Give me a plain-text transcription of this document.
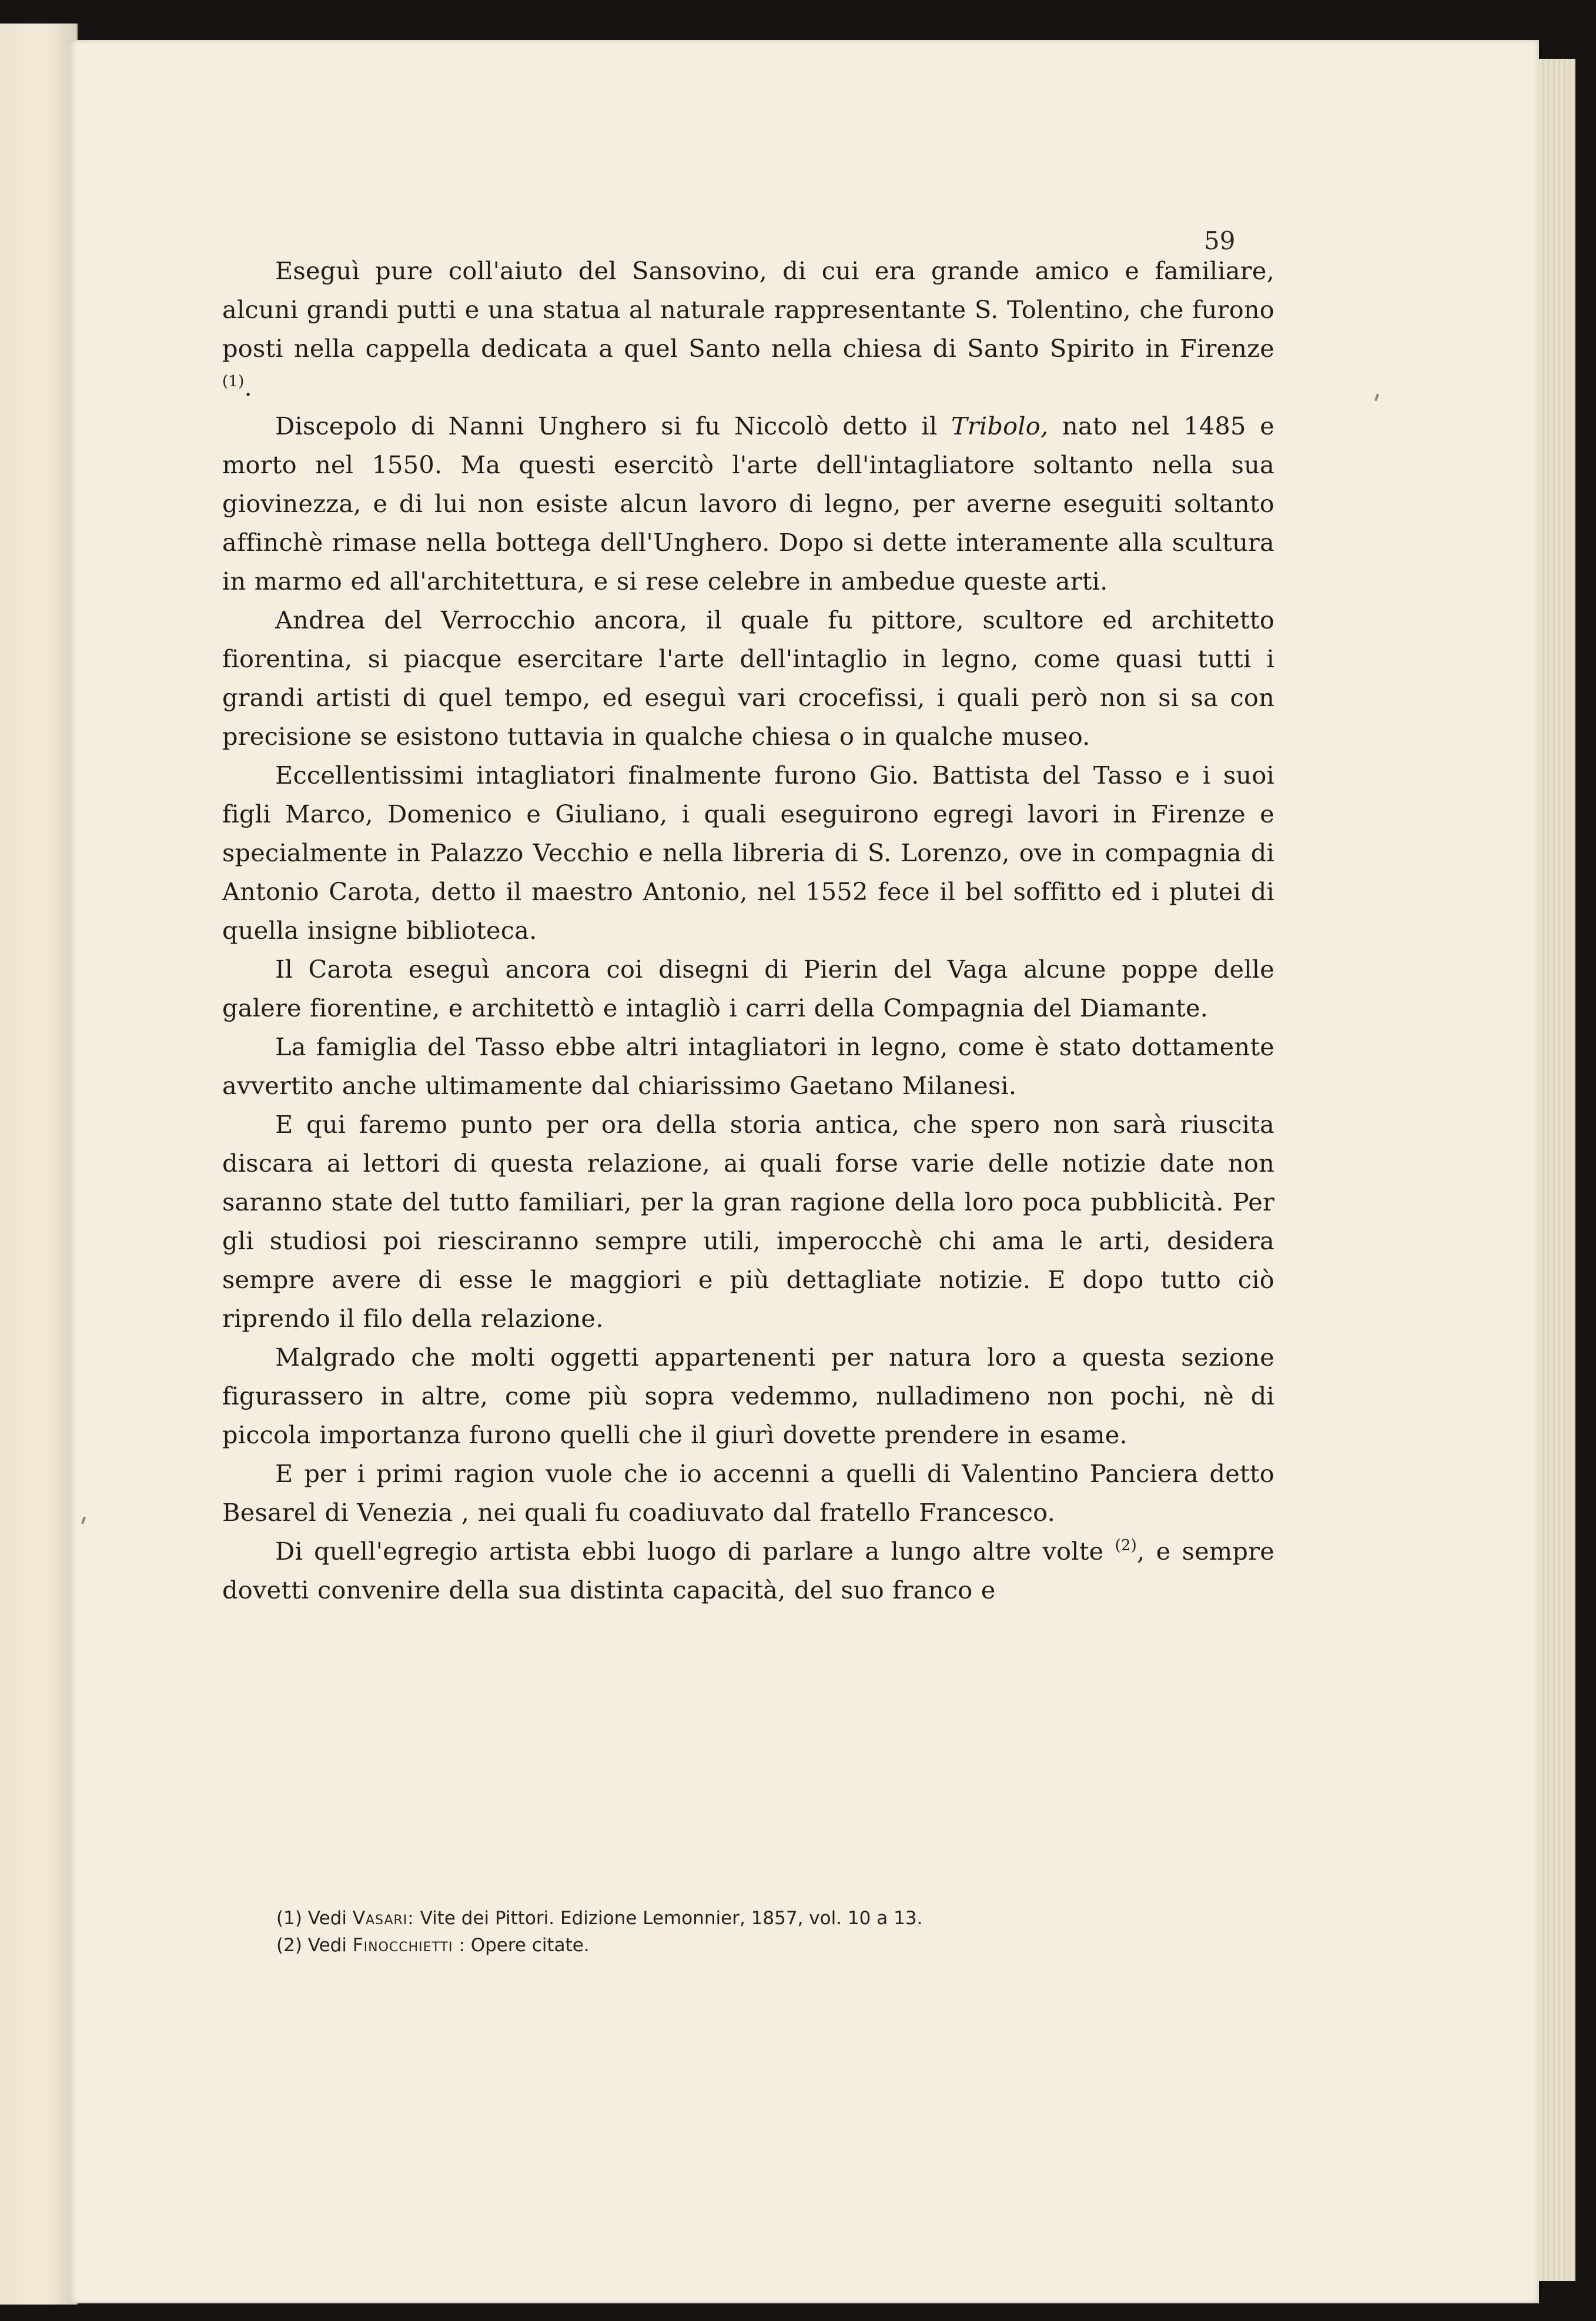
59

Eseguì pure coll'aiuto del Sansovino, di cui era grande amico e familiare, alcuni grandi putti e una statua al naturale rappresentante S. Tolentino, che furono posti nella cappella dedicata a quel Santo nella chiesa di Santo Spirito in Firenze $^{(1)}$.

Discepolo di Nanni Unghero si fu Niccolò detto il Tribolo, nato nel 1485 e morto nel 1550. Ma questi esercitò l'arte dell'intagliatore soltanto nella sua giovinezza, e di lui non esiste alcun lavoro di legno, per averne eseguiti soltanto affinchè rimase nella bottega dell'Unghero. Dopo si dette interamente alla scultura in marmo ed all'architettura, e si rese celebre in ambedue queste arti.

Andrea del Verrocchio ancora, il quale fu pittore, scultore ed architetto fiorentina, si piacque esercitare l'arte dell'intaglio in legno, come quasi tutti i grandi artisti di quel tempo, ed eseguì vari crocefissi, i quali però non si sa con precisione se esistono tuttavia in qualche chiesa o in qualche museo.

Eccellentissimi intagliatori finalmente furono Gio. Battista del Tasso e i suoi figli Marco, Domenico e Giuliano, i quali eseguirono egregi lavori in Firenze e specialmente in Palazzo Vecchio e nella libreria di S. Lorenzo, ove in compagnia di Antonio Carota, detto il maestro Antonio, nel 1552 fece il bel soffitto ed i plutei di quella insigne biblioteca.

Il Carota eseguì ancora coi disegni di Pierin del Vaga alcune poppe delle galere fiorentine, e architettò e intagliò i carri della Compagnia del Diamante.

La famiglia del Tasso ebbe altri intagliatori in legno, come è stato dottamente avvertito anche ultimamente dal chiarissimo Gaetano Milanesi.

E qui faremo punto per ora della storia antica, che spero non sarà riuscita discara ai lettori di questa relazione, ai quali forse varie delle notizie date non saranno state del tutto familiari, per la gran ragione della loro poca pubblicità. Per gli studiosi poi riesciranno sempre utili, imperocchè chi ama le arti, desidera sempre avere di esse le maggiori e più dettagliate notizie. E dopo tutto ciò riprendo il filo della relazione.

Malgrado che molti oggetti appartenenti per natura loro a questa sezione figurassero in altre, come più sopra vedemmo, nulladimeno non pochi, nè di piccola importanza furono quelli che il giurì dovette prendere in esame.

E per i primi ragion vuole che io accenni a quelli di Valentino Panciera detto Besarel di Venezia , nei quali fu coadiuvato dal fratello Francesco.

Di quell'egregio artista ebbi luogo di parlare a lungo altre volte $^{(2)}$, e sempre dovetti convenire della sua distinta capacità, del suo franco e

(1) Vedi Vasari: Vite dei Pittori. Edizione Lemonnier, 1857, vol. 10 a 13.

(2) Vedi Finocchietti : Opere citate.
